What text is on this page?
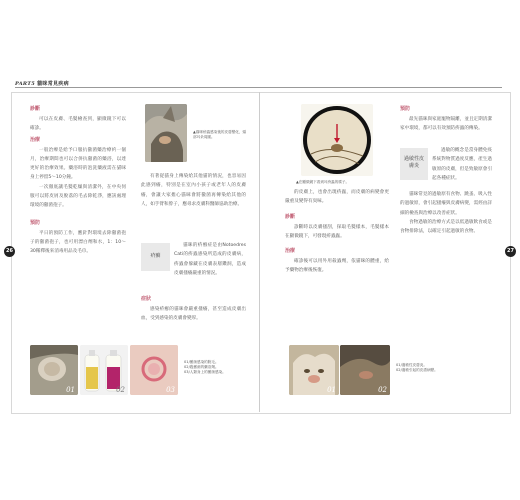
PART5 貓咪常見疾病
26	27
診斷

可以在皮膚、毛髮檢查到，顯微鏡下可以確診。

治療

一般治療是給予口服抗黴菌藥治療約一個月，治療期間也可以合併抗黴菌的藥浴，以達更好的治療效果。藥浴時的泡洗藥液需在貓咪身上停留5～10分鐘。

一次徹底讓毛髮乾燥與清潔外，在中央伺服可以將皮屑及脫落的毛去除乾淨，應該處理環境的黴菌孢子。

預防

平日的預防工作，應針對環境去除黴菌孢子的黴菌孢子，也可用漂白劑和水，1：10～30稀釋後來消毒用品及毛巾。

▲貓咪疥蟲感染後的皮膚變化，頭部耳朵周圍。

有著從貓身上傳染給其他貓的情況，也容易因此感到癢，特別是在室內小孩子或老年人的皮膚癢，會讓大家擔心貓咪會將黴菌再傳染給其他的人，如手臂和脖子，應尋求皮膚科醫師協助治療。

疥癬

貓咪的疥癬症是由Notoedres Cati的疥蟲感染所造成的皮膚病，疥蟲會躲藏在皮膚表層鑽洞，造成皮膚搔癢嚴重的情況。

症狀

感染疥癬的貓咪會嚴重搔癢，甚至造成皮膚出血，受到感染的皮膚會變厚。

01	02	03
01/黴菌感染的脫毛。
02/殺黴菌的藥浴劑。
03/人類身上的黴菌感染。
▲在顯微鏡下看到耳疥蟲的樣子。

的皮膚上，也會出現疥蟲，而皮膚的病變會更嚴重及變得有臭味。

診斷

診斷時以皮膚搔刮，探取毛髮樣本，毛髮樣本在顯微鏡下，可發現疥蟲蟲。

治療

確診後可以用外用殺蟲劑，依貓咪的體重，給予藥物治療後恢復。

預防

最先貓咪與家庭寵物隔離，並且定期清潔家中環境，都可以有效預防疥蟲的傳染。

過敏性皮膚炎

過敏的概念是當身體免疫系統對物質過度反應，產生過敏原的皮膚，但是致敏原會引起各種症狀。

貓咪常見的過敏原有食物、跳蚤、吸入性的過敏原，會引起搔癢與皮膚病變，需經由詳細的檢查與治療以改善症狀。

食物過敏的治療方式是以低過敏飲食或是食物排除法，以確定引起過敏的食物。

01	02
01/過敏性皮膚炎。
02/過敏引起的皮膚病變。
